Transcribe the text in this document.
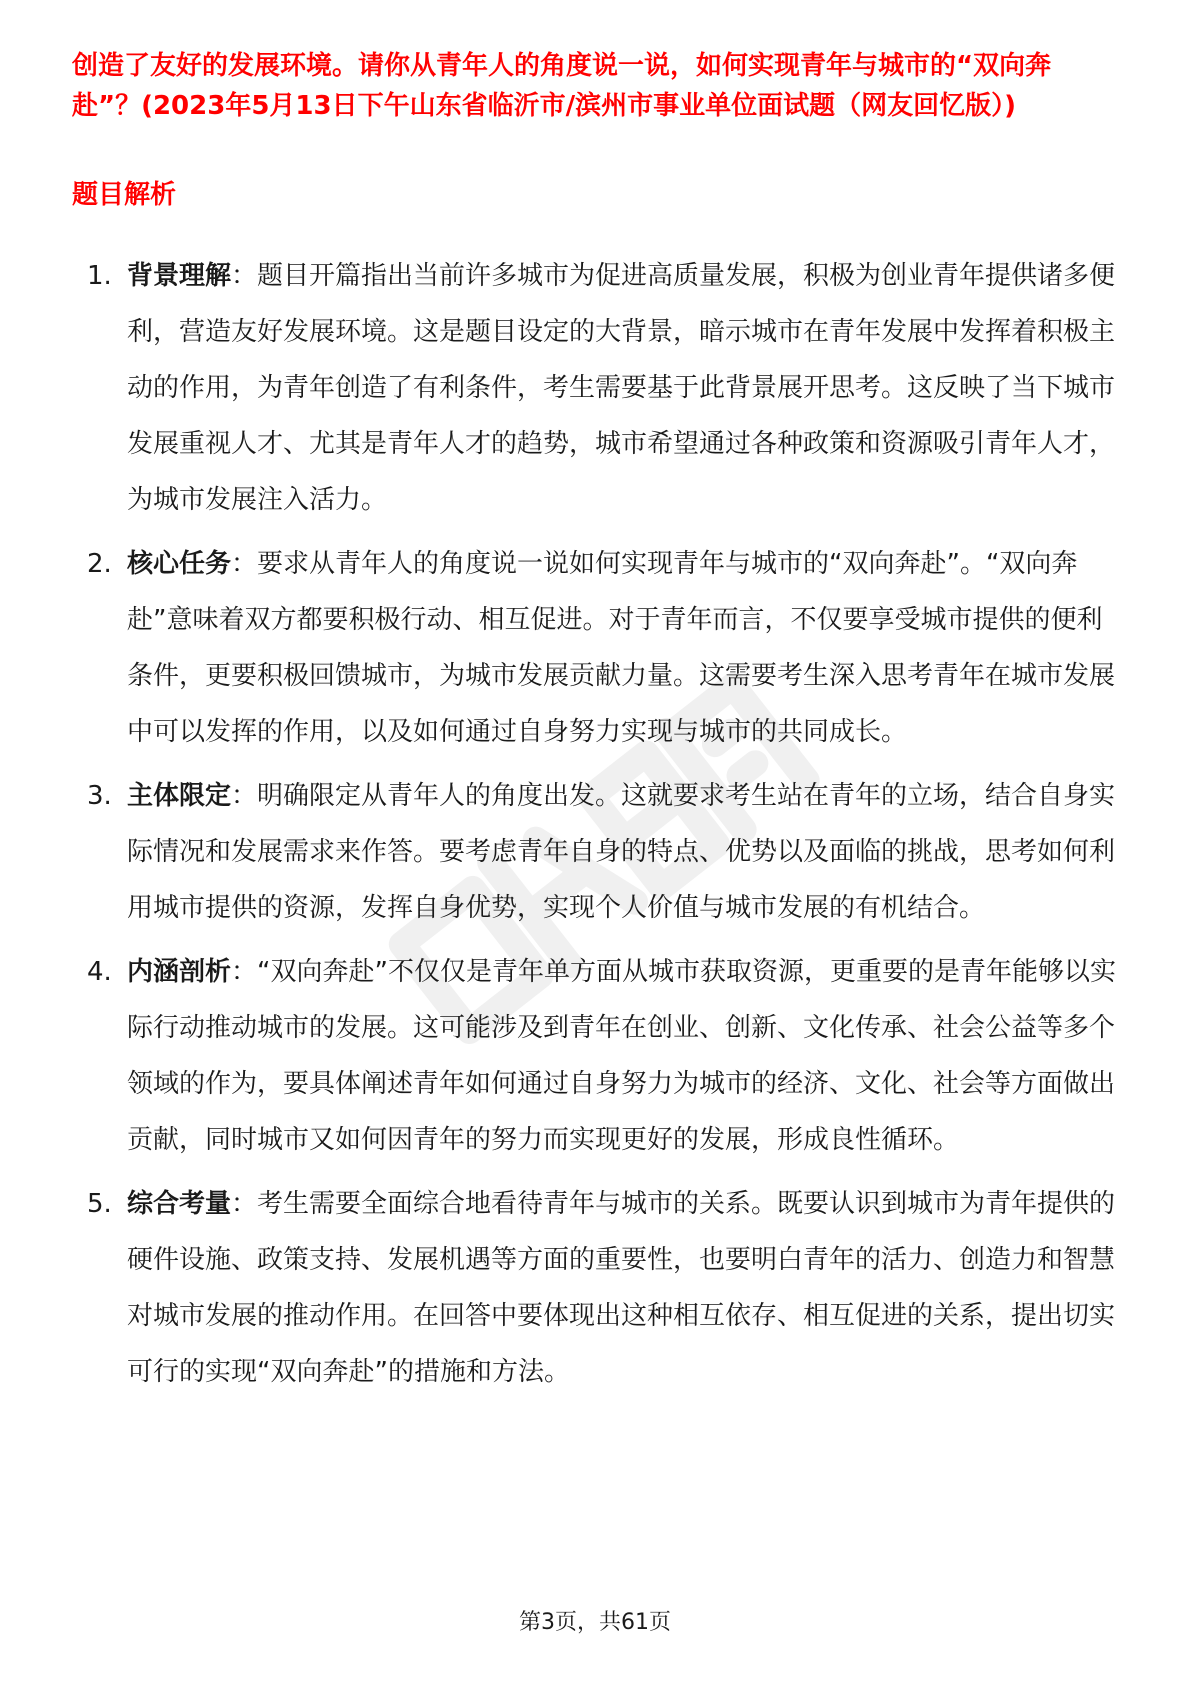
创造了友好的发展环境。请你从青年人的角度说一说，如何实现青年与城市的“双向奔赴”？(2023年5月13日下午山东省临沂市/滨州市事业单位面试题（网友回忆版）)

题目解析
1. 背景理解：题目开篇指出当前许多城市为促进高质量发展，积极为创业青年提供诸多便利，营造友好发展环境。这是题目设定的大背景，暗示城市在青年发展中发挥着积极主动的作用，为青年创造了有利条件，考生需要基于此背景展开思考。这反映了当下城市发展重视人才、尤其是青年人才的趋势，城市希望通过各种政策和资源吸引青年人才，为城市发展注入活力。
2. 核心任务：要求从青年人的角度说一说如何实现青年与城市的“双向奔赴”。“双向奔赴”意味着双方都要积极行动、相互促进。对于青年而言，不仅要享受城市提供的便利条件，更要积极回馈城市，为城市发展贡献力量。这需要考生深入思考青年在城市发展中可以发挥的作用，以及如何通过自身努力实现与城市的共同成长。
3. 主体限定：明确限定从青年人的角度出发。这就要求考生站在青年的立场，结合自身实际情况和发展需求来作答。要考虑青年自身的特点、优势以及面临的挑战，思考如何利用城市提供的资源，发挥自身优势，实现个人价值与城市发展的有机结合。
4. 内涵剖析：“双向奔赴”不仅仅是青年单方面从城市获取资源，更重要的是青年能够以实际行动推动城市的发展。这可能涉及到青年在创业、创新、文化传承、社会公益等多个领域的作为，要具体阐述青年如何通过自身努力为城市的经济、文化、社会等方面做出贡献，同时城市又如何因青年的努力而实现更好的发展，形成良性循环。
5. 综合考量：考生需要全面综合地看待青年与城市的关系。既要认识到城市为青年提供的硬件设施、政策支持、发展机遇等方面的重要性，也要明白青年的活力、创造力和智慧对城市发展的推动作用。在回答中要体现出这种相互依存、相互促进的关系，提出切实可行的实现“双向奔赴”的措施和方法。
第3页，共61页
